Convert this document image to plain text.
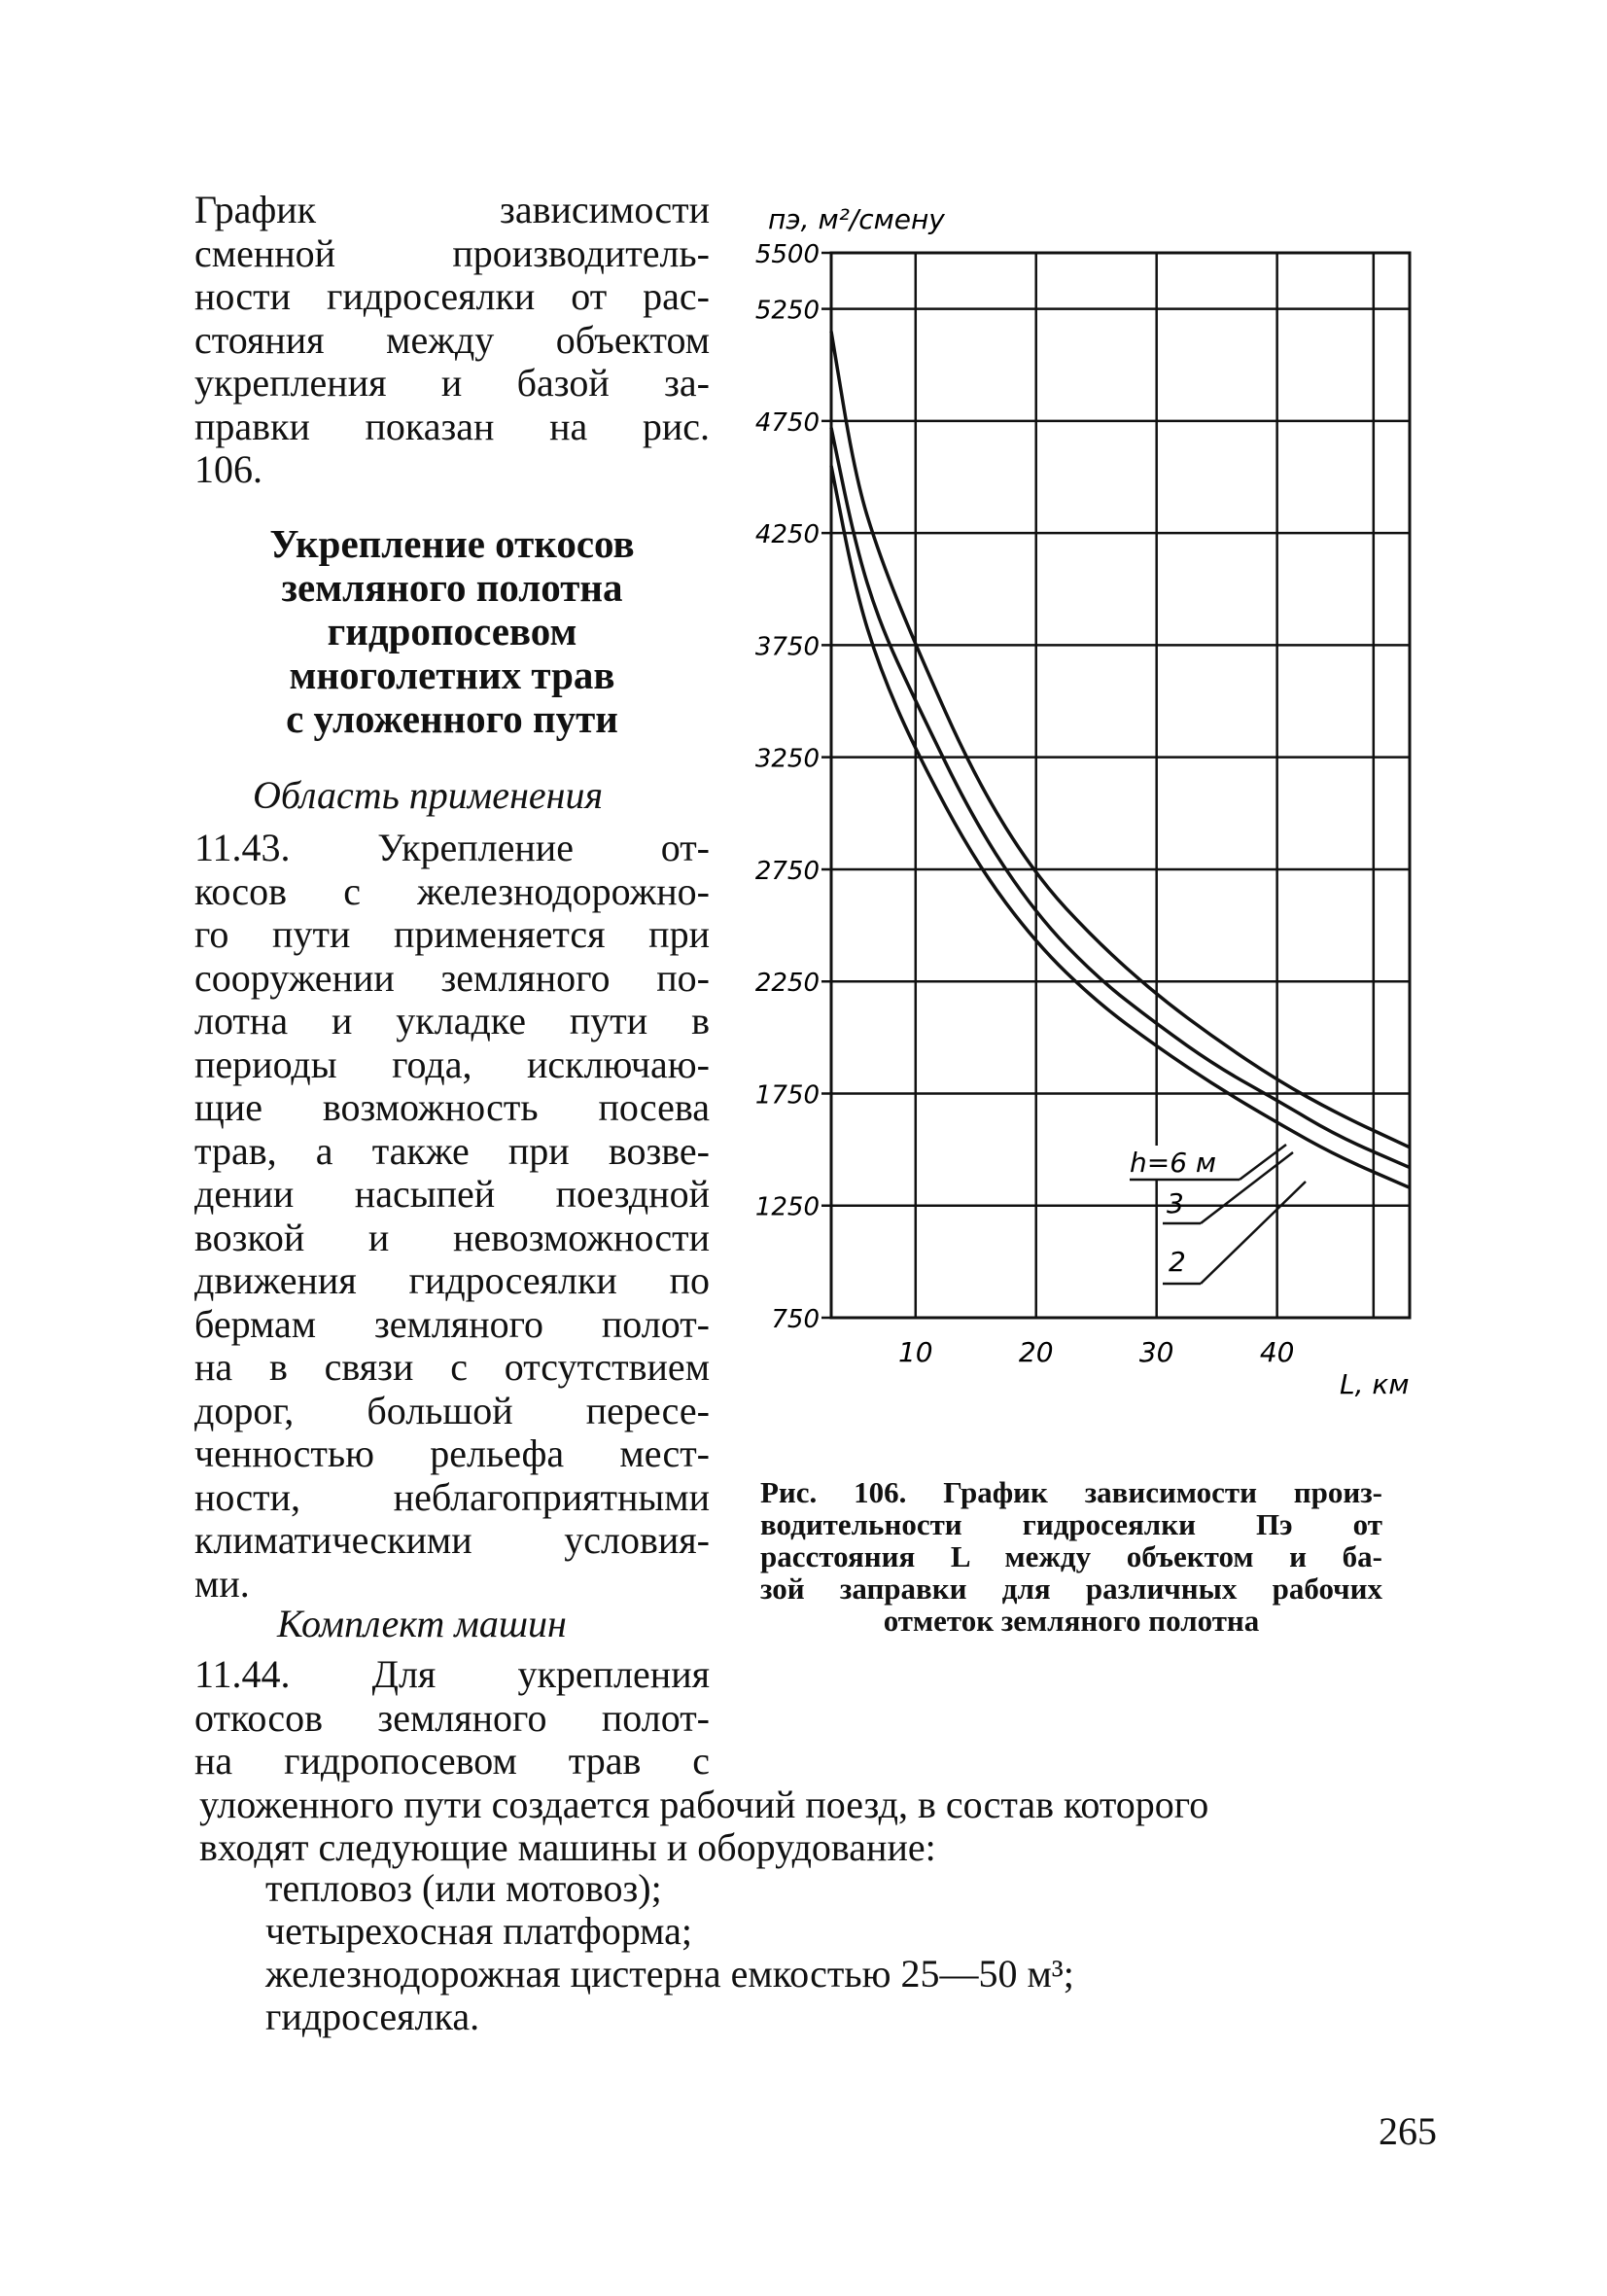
График зависимости
сменной производитель-
ности гидросеялки от рас-
стояния между объектом
укрепления и базой за-
правки показан на рис.
106.
Укрепление откосов
земляного полотна
гидропосевом
многолетних трав
с уложенного пути
Область применения
11.43. Укрепление от-
косов с железнодорожно-
го пути применяется при
сооружении земляного по-
лотна и укладке пути в
периоды года, исключаю-
щие возможность посева
трав, а также при возве-
дении насыпей поездной
возкой и невозможности
движения гидросеялки по
бермам земляного полот-
на в связи с отсутствием
дорог, большой пересе-
ченностью рельефа мест-
ности, неблагоприятными
климатическими условия-
ми.
Комплект машин
11.44. Для укрепления
откосов земляного полот-
на гидропосевом трав с
уложенного пути создается рабочий поезд, в состав которого
входят следующие машины и оборудование:
тепловоз (или мотовоз);
четырехосная платформа;
железнодорожная цистерна емкостью 25—50 м³;
гидросеялка.
265
пэ, м²/смену
750
1250
1750
2250
2750
3250
3750
4250
4750
5250
5500
10	20	30	40
h=6 м
3
2
L, км
Рис. 106. График зависимости произ-
водительности гидросеялки Пэ от
расстояния L между объектом и ба-
зой заправки для различных рабочих
отметок земляного полотна
